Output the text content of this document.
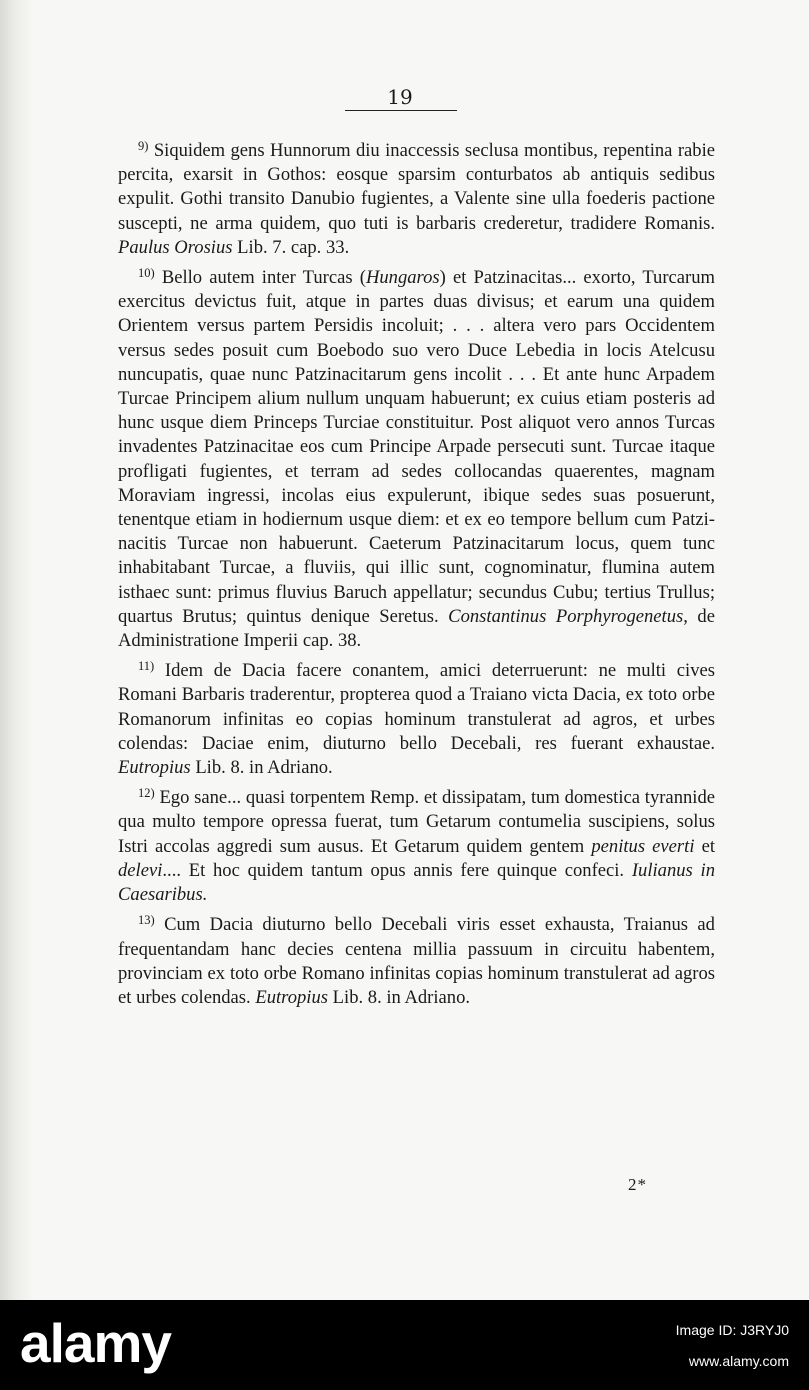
19

$^{9)}$ Siquidem gens Hunnorum diu inaccessis seclusa montibus, repentina rabie percita, exarsit in Gothos: eosque sparsim conturbatos ab antiquis sedibus expulit. Gothi transito Danubio fugientes, a Valente sine ulla foederis pactione suscepti, ne arma quidem, quo tuti is barbaris crederetur, tradidere Romanis. Paulus Orosius Lib. 7. cap. 33.

$^{10)}$ Bello autem inter Turcas (Hungaros) et Patzinacitas... exorto, Turcarum exercitus devictus fuit, atque in partes duas divisus; et earum una quidem Orientem versus partem Persidis incoluit; . . . altera vero pars Occidentem versus sedes posuit cum Boebodo suo vero Duce Lebedia in locis Atelcusu nuncupatis, quae nunc Patzinacitarum gens incolit . . . Et ante hunc Arpadem Turcae Principem alium nullum unquam habuerunt; ex cuius etiam posteris ad hunc usque diem Princeps Turciae constituitur. Post aliquot vero annos Turcas invadentes Patzinacitae eos cum Principe Arpade persecuti sunt. Turcae itaque profligati fugientes, et terram ad sedes collocandas quaerentes, magnam Moraviam ingressi, incolas eius expulerunt, ibique sedes suas posuerunt, tenentque etiam in hodiernum usque diem: et ex eo tempore bellum cum Patzinacitis Turcae non habuerunt. Caeterum Patzinacitarum locus, quem tunc inhabitabant Turcae, a fluviis, qui illic sunt, cognominatur, flumina autem isthaec sunt: primus fluvius Baruch appellatur; secundus Cubu; tertius Trullus; quartus Brutus; quintus denique Seretus. Constantinus Porphyrogenetus, de Administratione Imperii cap. 38.

$^{11)}$ Idem de Dacia facere conantem, amici deterruerunt: ne multi cives Romani Barbaris traderentur, propterea quod a Traiano victa Dacia, ex toto orbe Romanorum infinitas eo copias hominum transtulerat ad agros, et urbes colendas: Daciae enim, diuturno bello Decebali, res fuerant exhaustae. Eutropius Lib. 8. in Adriano.

$^{12)}$ Ego sane... quasi torpentem Remp. et dissipatam, tum domestica tyrannide qua multo tempore opressa fuerat, tum Getarum contumelia suscipiens, solus Istri accolas aggredi sum ausus. Et Getarum quidem gentem penitus everti et delevi.... Et hoc quidem tantum opus annis fere quinque confeci. Iulianus in Caesaribus.

$^{13)}$ Cum Dacia diuturno bello Decebali viris esset exhausta, Traianus ad frequentandam hanc decies centena millia passuum in circuitu habentem, provinciam ex toto orbe Romano infinitas copias hominum transtulerat ad agros et urbes colendas. Eutropius Lib. 8. in Adriano.

2*
alamy	Image ID: J3RYJ0
www.alamy.com
